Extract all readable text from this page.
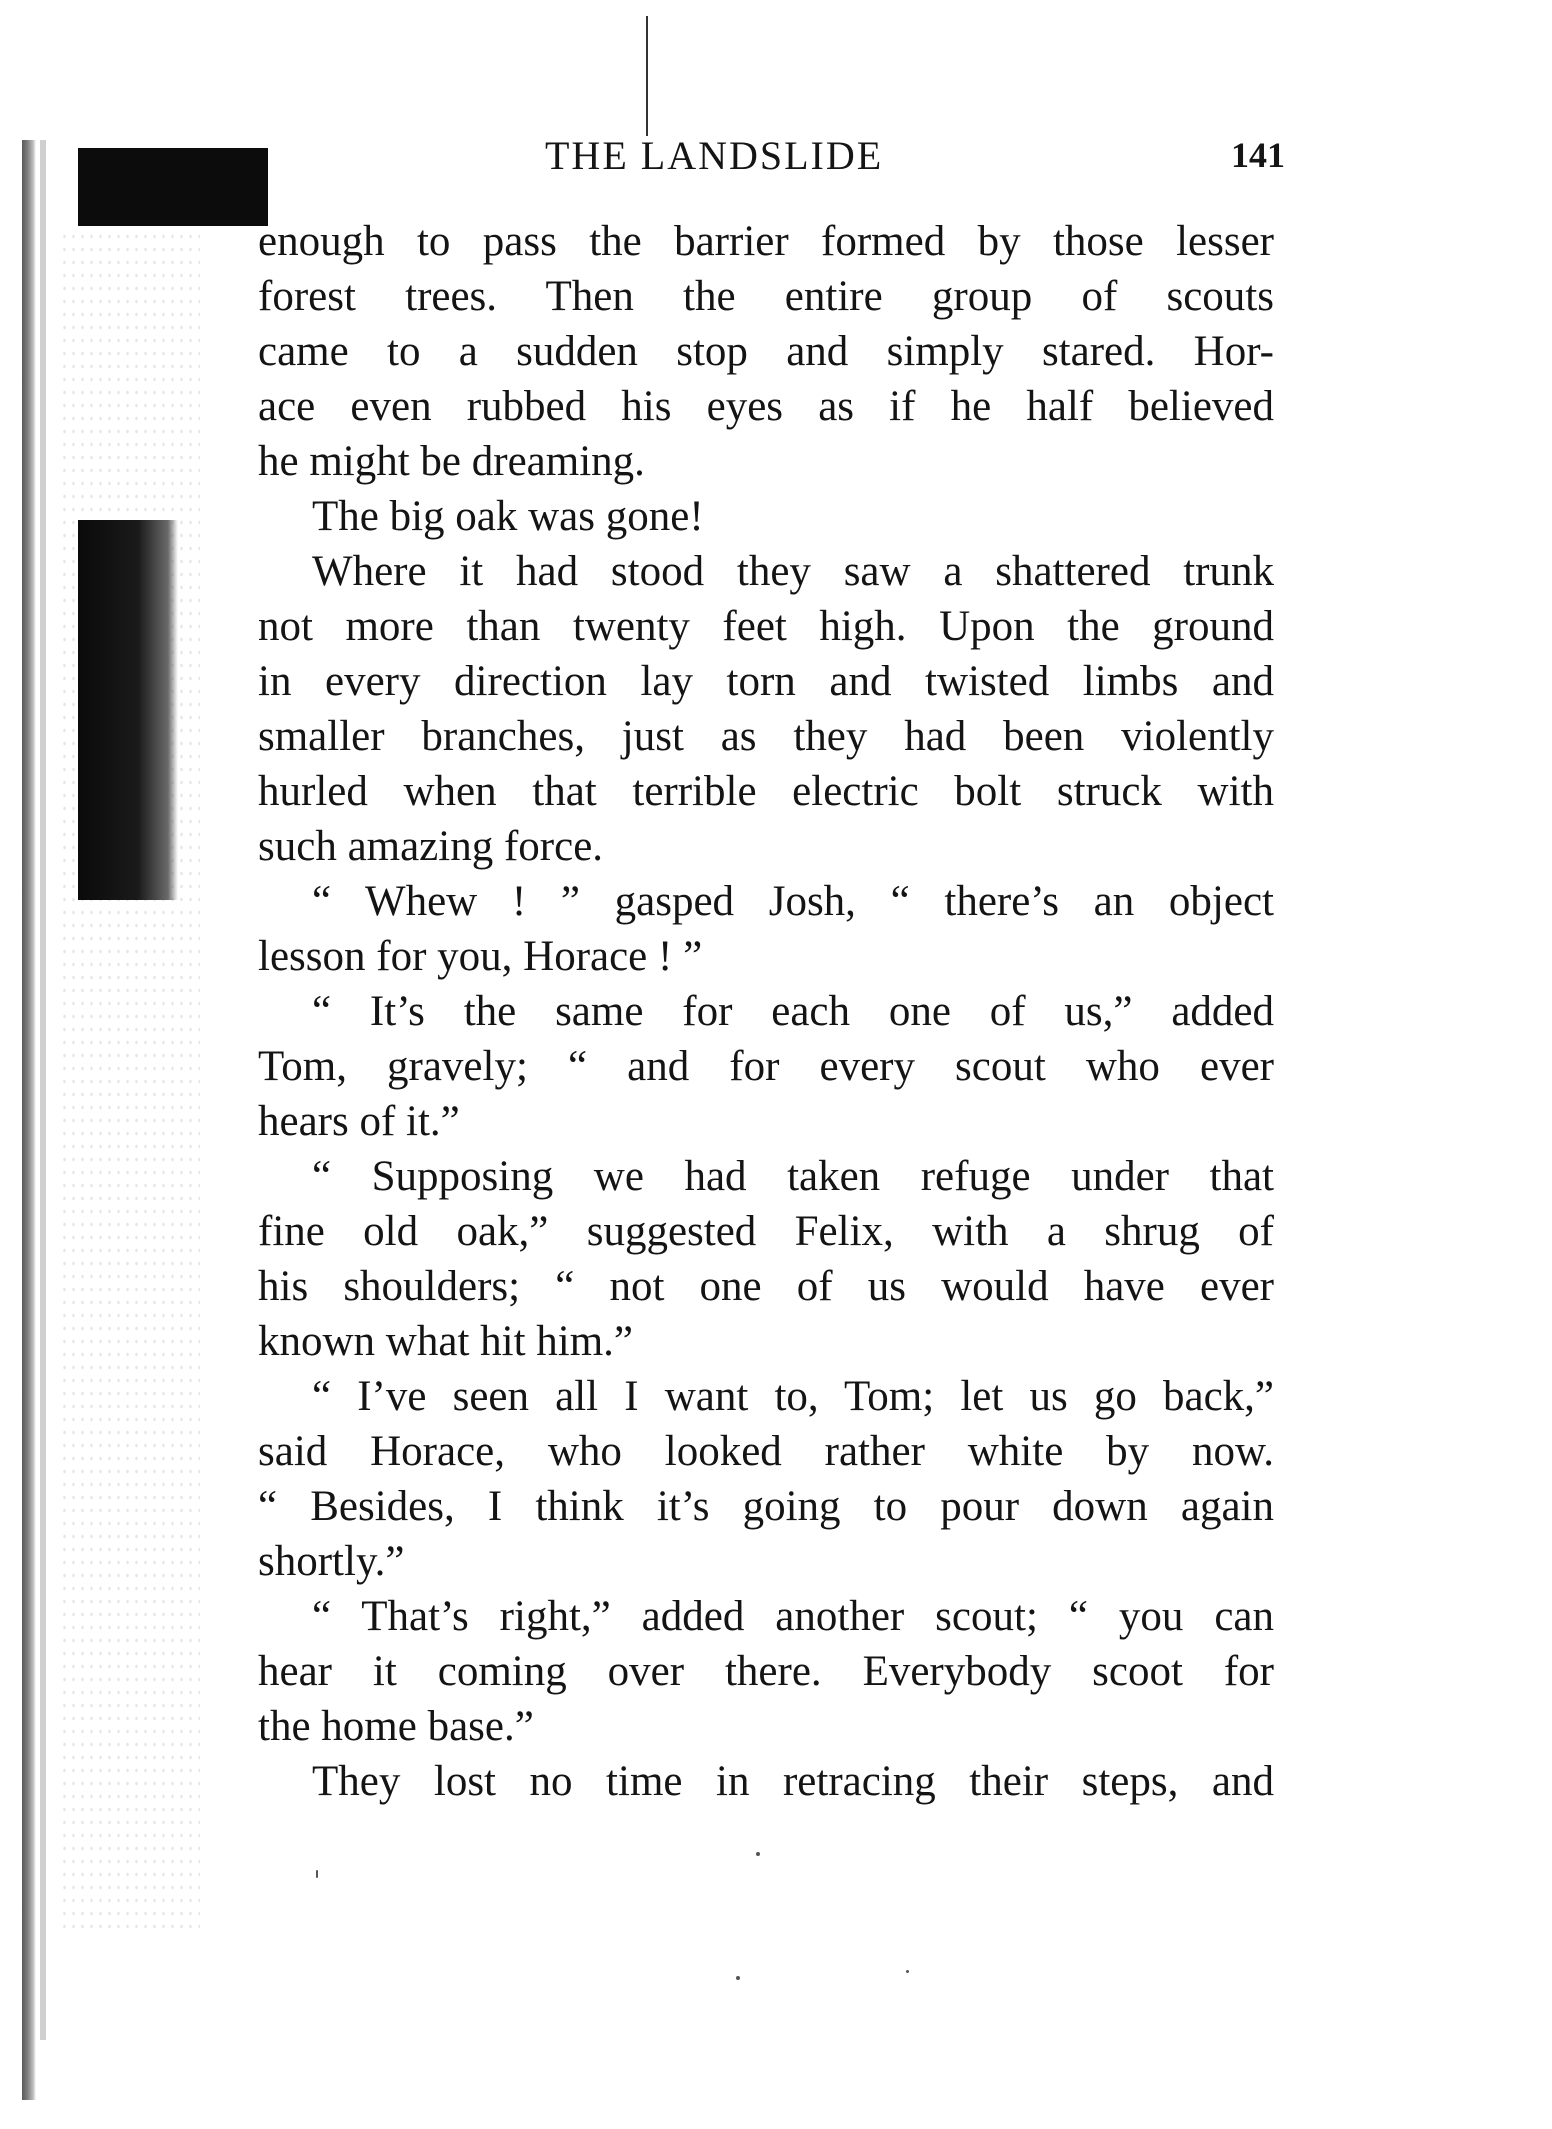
THE LANDSLIDE	141
enough to pass the barrier formed by those lesser
forest trees. Then the entire group of scouts
came to a sudden stop and simply stared. Hor-
ace even rubbed his eyes as if he half believed
he might be dreaming.
The big oak was gone!
Where it had stood they saw a shattered trunk
not more than twenty feet high. Upon the ground
in every direction lay torn and twisted limbs and
smaller branches, just as they had been violently
hurled when that terrible electric bolt struck with
such amazing force.
“ Whew ! ” gasped Josh, “ there’s an object
lesson for you, Horace ! ”
“ It’s the same for each one of us,” added
Tom, gravely; “ and for every scout who ever
hears of it.”
“ Supposing we had taken refuge under that
fine old oak,” suggested Felix, with a shrug of
his shoulders; “ not one of us would have ever
known what hit him.”
“ I’ve seen all I want to, Tom; let us go back,”
said Horace, who looked rather white by now.
“ Besides, I think it’s going to pour down again
shortly.”
“ That’s right,” added another scout; “ you can
hear it coming over there. Everybody scoot for
the home base.”
They lost no time in retracing their steps, and
